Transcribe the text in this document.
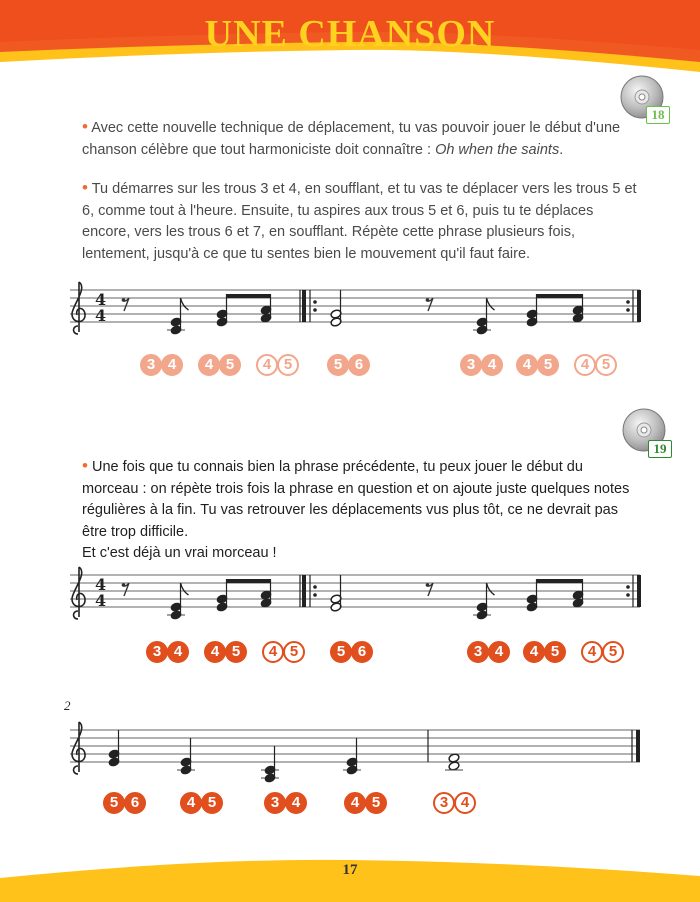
UNE CHANSON
18
• Avec cette nouvelle technique de déplacement, tu vas pouvoir jouer le début d'une chanson célèbre que tout harmoniciste doit connaître : Oh when the saints.
• Tu démarres sur les trous 3 et 4, en soufflant, et tu vas te déplacer vers les trous 5 et 6, comme tout à l'heure. Ensuite, tu aspires aux trous 5 et 6, puis tu te déplaces encore, vers les trous 6 et 7, en soufflant. Répète cette phrase plusieurs fois, lentement, jusqu'à ce que tu sentes bien le mouvement qu'il faut faire.
4
4
3 4	4 5	4 5	5 6	3 4	4 5	4 5
19
• Une fois que tu connais bien la phrase précédente, tu peux jouer le début du morceau : on répète trois fois la phrase en question et on ajoute juste quelques notes régulières à la fin. Tu vas retrouver les déplacements vus plus tôt, ce ne devrait pas être trop difficile.
Et c'est déjà un vrai morceau !
4
4
3 4	4 5	4 5	5 6	3 4	4 5	4 5
2
5 6	4 5	3 4	4 5	3 4
17
